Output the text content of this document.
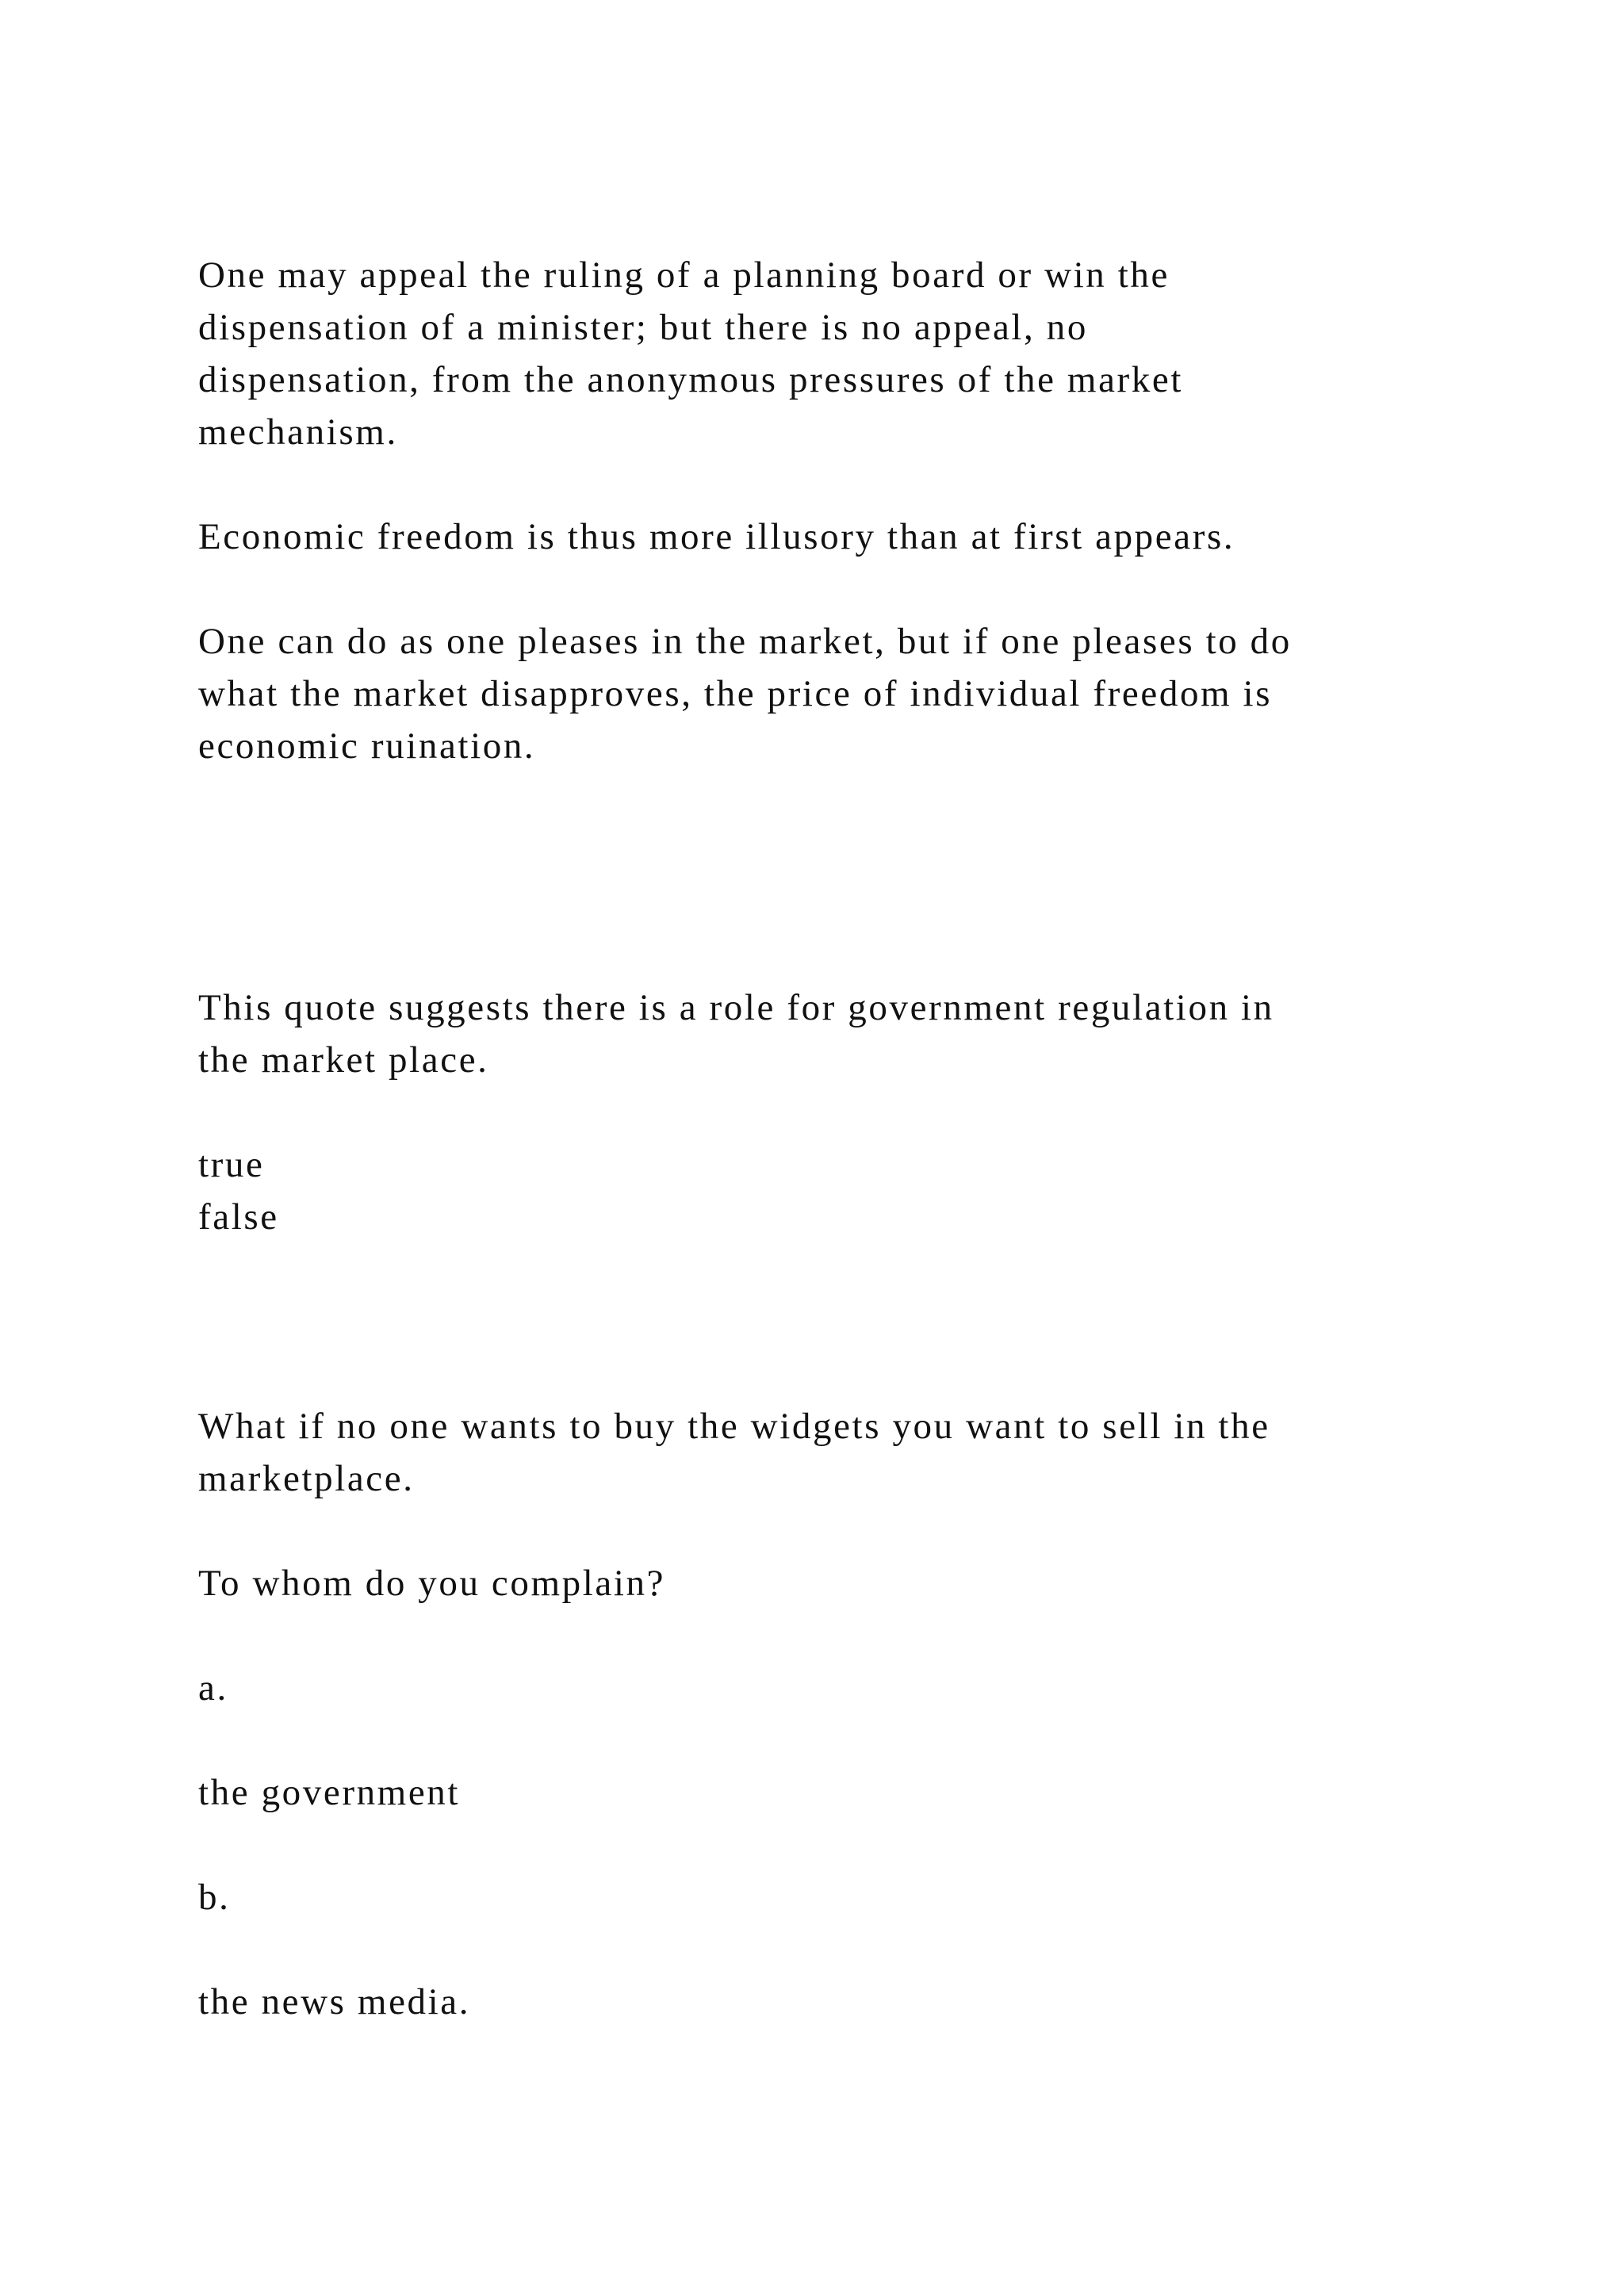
One may appeal the ruling of a planning board or win the

dispensation of a minister; but there is no appeal, no

dispensation, from the anonymous pressures of the market

mechanism.

Economic freedom is thus more illusory than at first appears.

One can do as one pleases in the market, but if one pleases to do

what the market disapproves, the price of individual freedom is

economic ruination.

This quote suggests there is a role for government regulation in

the market place.

true

false

What if no one wants to buy the widgets you want to sell in the

marketplace.

To whom do you complain?

a.

the government

b.

the news media.
